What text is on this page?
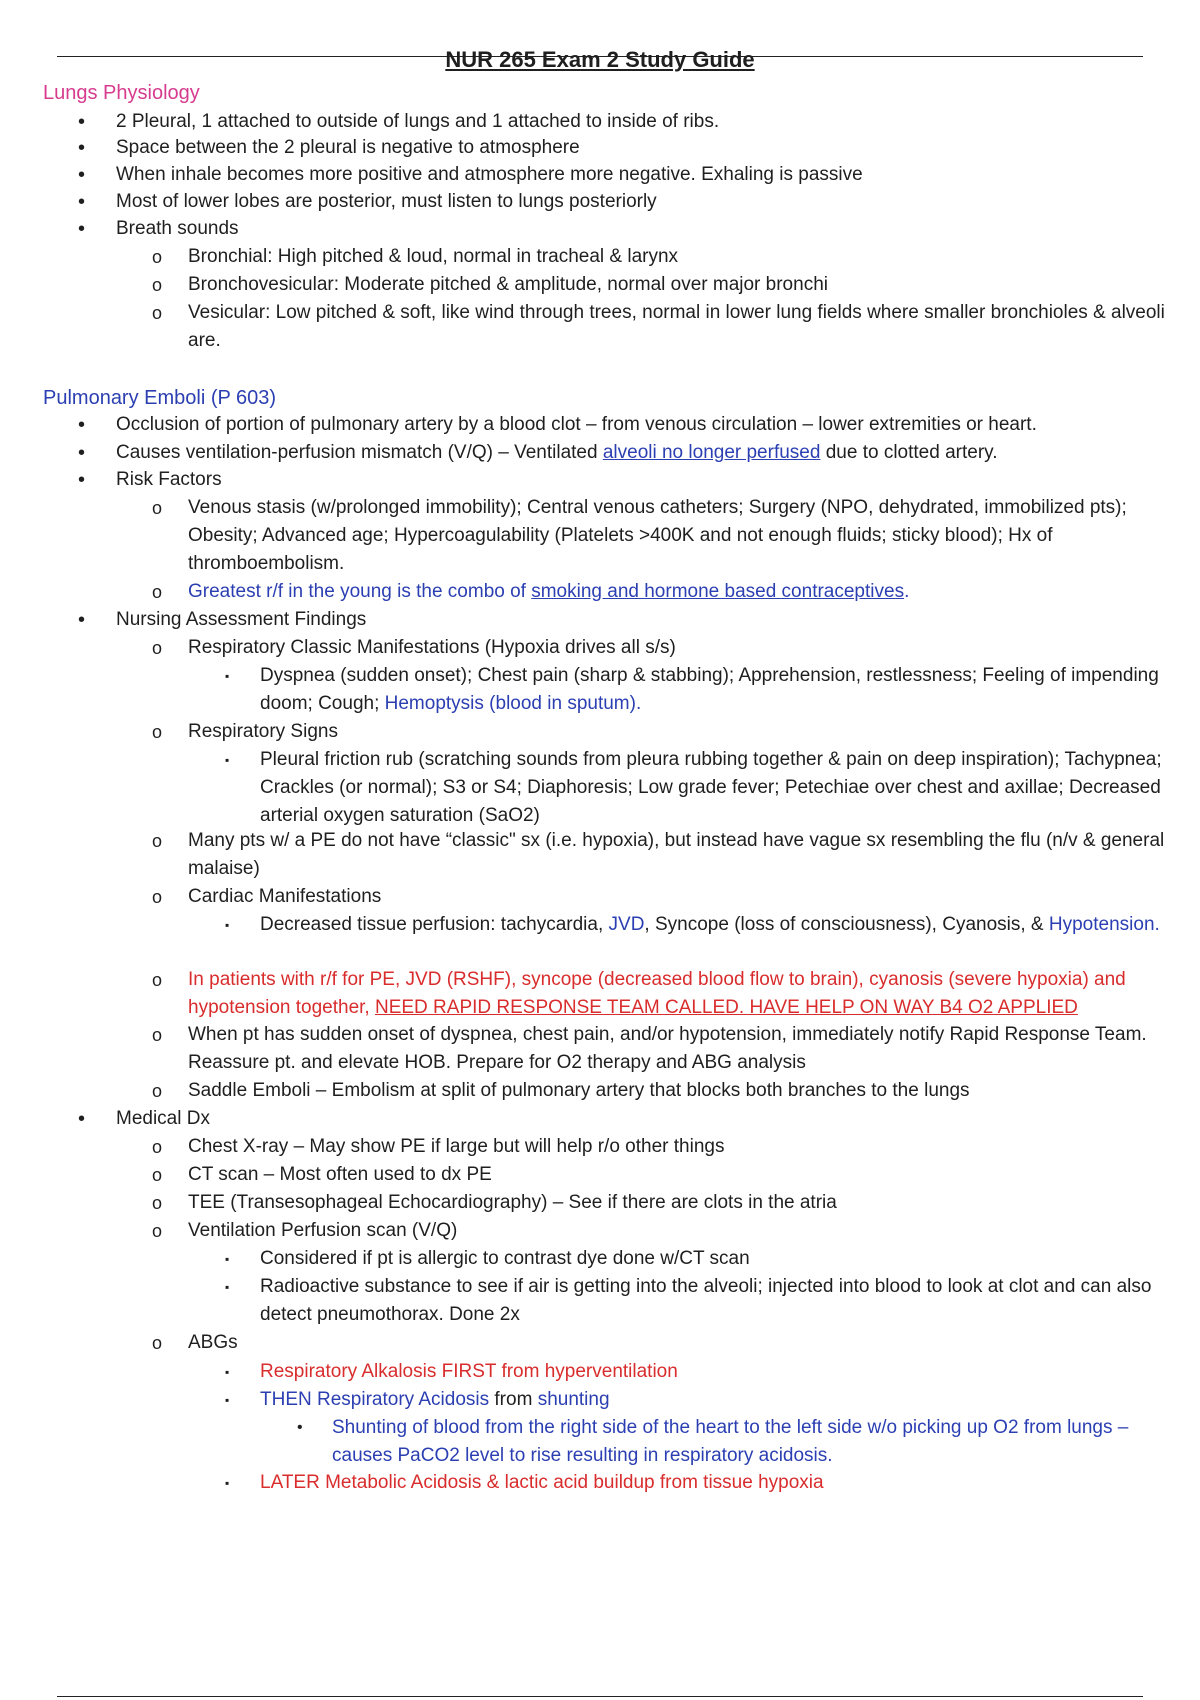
NUR 265 Exam 2 Study Guide
Lungs Physiology
• 2 Pleural, 1 attached to outside of lungs and 1 attached to inside of ribs.
• Space between the 2 pleural is negative to atmosphere
• When inhale becomes more positive and atmosphere more negative. Exhaling is passive
• Most of lower lobes are posterior, must listen to lungs posteriorly
• Breath sounds
o Bronchial: High pitched & loud, normal in tracheal & larynx
o Bronchovesicular: Moderate pitched & amplitude, normal over major bronchi
o Vesicular: Low pitched & soft, like wind through trees, normal in lower lung fields where smaller bronchioles & alveoli are.
Pulmonary Emboli (P 603)
• Occlusion of portion of pulmonary artery by a blood clot – from venous circulation – lower extremities or heart.
• Causes ventilation-perfusion mismatch (V/Q) – Ventilated alveoli no longer perfused due to clotted artery.
• Risk Factors
o Venous stasis (w/prolonged immobility); Central venous catheters; Surgery (NPO, dehydrated, immobilized pts); Obesity; Advanced age; Hypercoagulability (Platelets >400K and not enough fluids; sticky blood); Hx of thromboembolism.
o Greatest r/f in the young is the combo of smoking and hormone based contraceptives.
• Nursing Assessment Findings
o Respiratory Classic Manifestations (Hypoxia drives all s/s)
▪ Dyspnea (sudden onset); Chest pain (sharp & stabbing); Apprehension, restlessness; Feeling of impending doom; Cough; Hemoptysis (blood in sputum).
o Respiratory Signs
▪ Pleural friction rub (scratching sounds from pleura rubbing together & pain on deep inspiration); Tachypnea; Crackles (or normal); S3 or S4; Diaphoresis; Low grade fever; Petechiae over chest and axillae; Decreased arterial oxygen saturation (SaO2)
o Many pts w/ a PE do not have “classic" sx (i.e. hypoxia), but instead have vague sx resembling the flu (n/v & general malaise)
o Cardiac Manifestations
▪ Decreased tissue perfusion: tachycardia, JVD, Syncope (loss of consciousness), Cyanosis, & Hypotension.
o In patients with r/f for PE, JVD (RSHF), syncope (decreased blood flow to brain), cyanosis (severe hypoxia) and hypotension together, NEED RAPID RESPONSE TEAM CALLED. HAVE HELP ON WAY B4 O2 APPLIED
o When pt has sudden onset of dyspnea, chest pain, and/or hypotension, immediately notify Rapid Response Team. Reassure pt. and elevate HOB. Prepare for O2 therapy and ABG analysis
o Saddle Emboli – Embolism at split of pulmonary artery that blocks both branches to the lungs
• Medical Dx
o Chest X-ray – May show PE if large but will help r/o other things
o CT scan – Most often used to dx PE
o TEE (Transesophageal Echocardiography) – See if there are clots in the atria
o Ventilation Perfusion scan (V/Q)
▪ Considered if pt is allergic to contrast dye done w/CT scan
▪ Radioactive substance to see if air is getting into the alveoli; injected into blood to look at clot and can also detect pneumothorax. Done 2x
o ABGs
▪ Respiratory Alkalosis FIRST from hyperventilation
▪ THEN Respiratory Acidosis from shunting
• Shunting of blood from the right side of the heart to the left side w/o picking up O2 from lungs – causes PaCO2 level to rise resulting in respiratory acidosis.
▪ LATER Metabolic Acidosis & lactic acid buildup from tissue hypoxia
